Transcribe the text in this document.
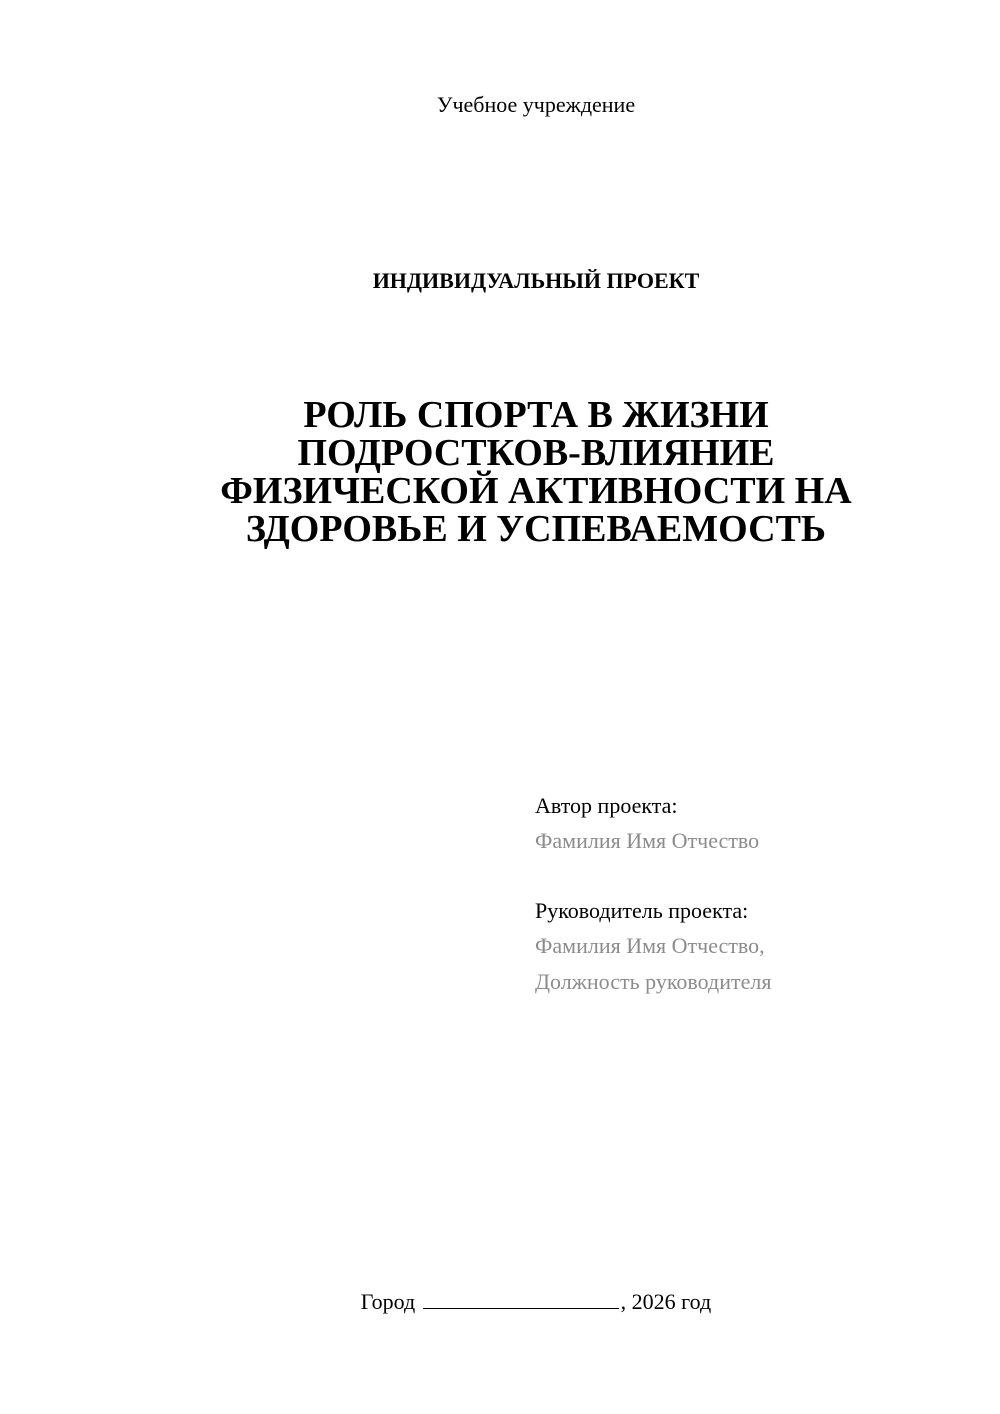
Учебное учреждение
ИНДИВИДУАЛЬНЫЙ ПРОЕКТ
РОЛЬ СПОРТА В ЖИЗНИ
ПОДРОСТКОВ-ВЛИЯНИЕ
ФИЗИЧЕСКОЙ АКТИВНОСТИ НА
ЗДОРОВЬЕ И УСПЕВАЕМОСТЬ
Автор проекта:
Фамилия Имя Отчество
Руководитель проекта:
Фамилия Имя Отчество,
Должность руководителя
Город	, 2026 год
